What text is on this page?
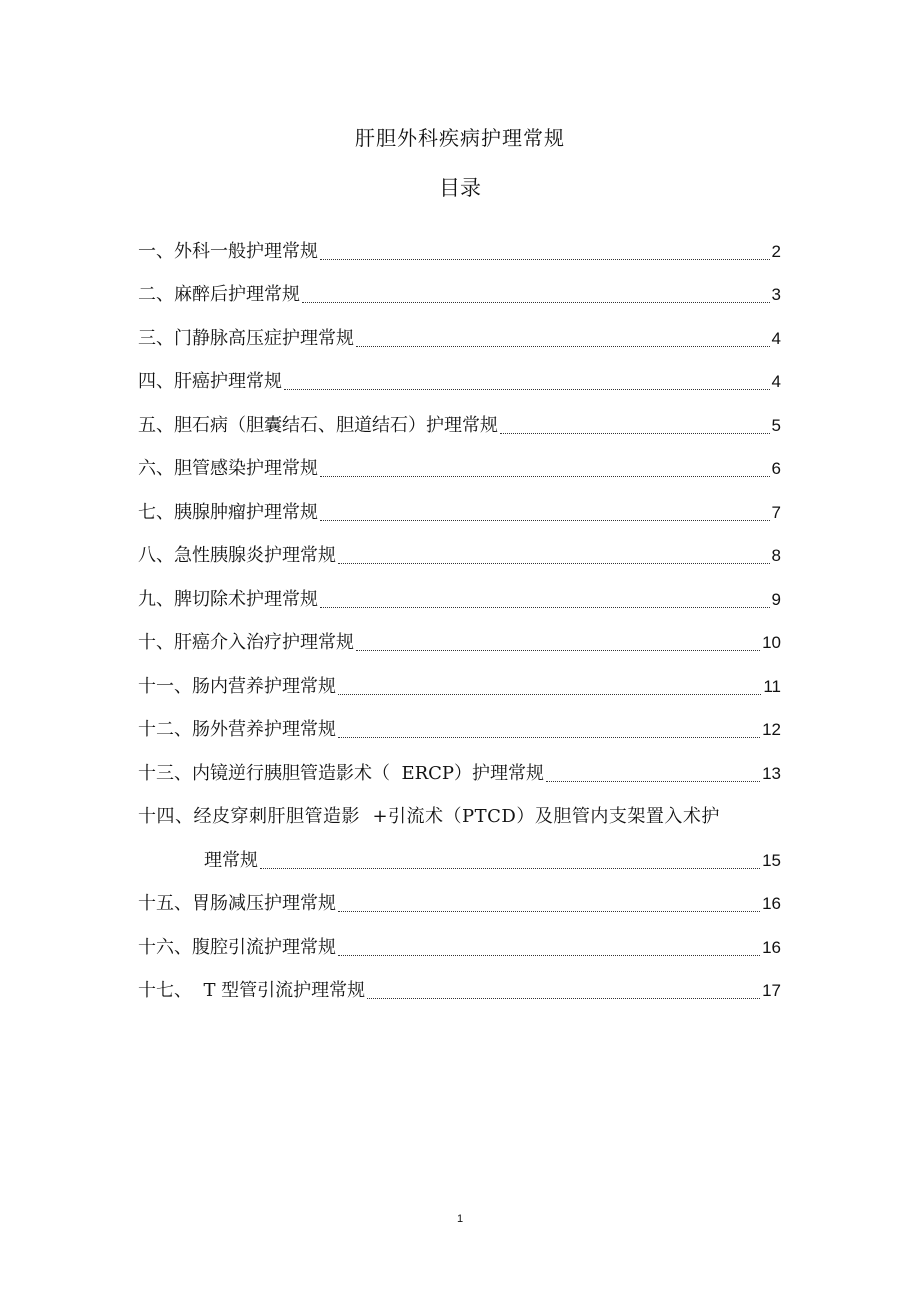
肝胆外科疾病护理常规
目录
一、外科一般护理常规	2
二、麻醉后护理常规	3
三、门静脉高压症护理常规	4
四、肝癌护理常规	4
五、胆石病（胆囊结石、胆道结石）护理常规	5
六、胆管感染护理常规	6
七、胰腺肿瘤护理常规	7
八、急性胰腺炎护理常规	8
九、脾切除术护理常规	9
十、肝癌介入治疗护理常规	10
十一、肠内营养护理常规	11
十二、肠外营养护理常规	12
十三、内镜逆行胰胆管造影术（  ERCP）护理常规	13
十四、经皮穿刺肝胆管造影  +引流术（PTCD）及胆管内支架置入术护
理常规	15
十五、胃肠减压护理常规	16
十六、腹腔引流护理常规	16
十七、  T 型管引流护理常规	17
1
